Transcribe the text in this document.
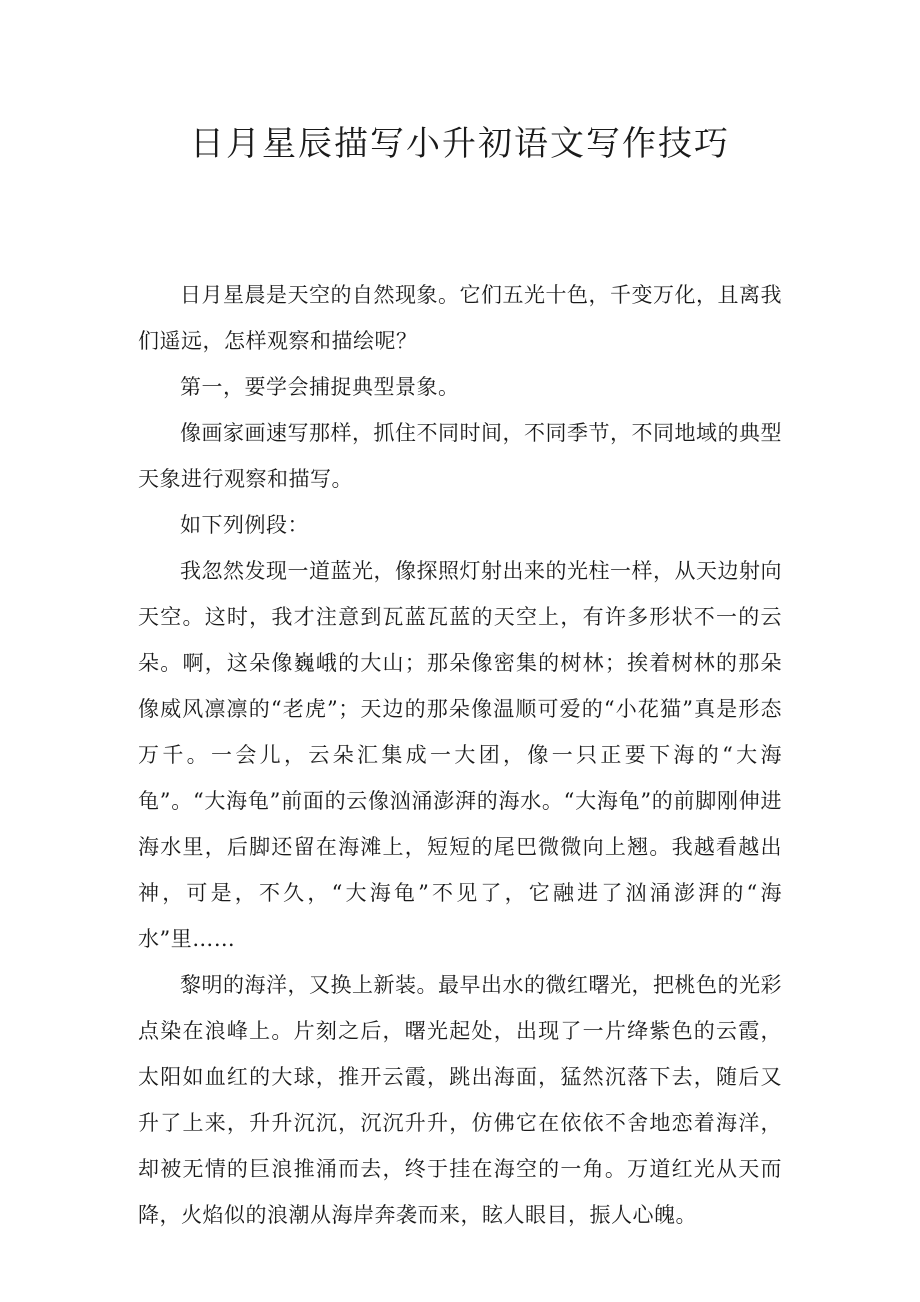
日月星辰描写小升初语文写作技巧

日月星晨是天空的自然现象。它们五光十色，千变万化，且离我们遥远，怎样观察和描绘呢？

第一，要学会捕捉典型景象。

像画家画速写那样，抓住不同时间，不同季节，不同地域的典型天象进行观察和描写。

如下列例段：

我忽然发现一道蓝光，像探照灯射出来的光柱一样，从天边射向天空。这时，我才注意到瓦蓝瓦蓝的天空上，有许多形状不一的云朵。啊，这朵像巍峨的大山；那朵像密集的树林；挨着树林的那朵像威风凛凛的“老虎”；天边的那朵像温顺可爱的“小花猫”真是形态万千。一会儿，云朵汇集成一大团，像一只正要下海的“大海龟”。“大海龟”前面的云像汹涌澎湃的海水。“大海龟”的前脚刚伸进海水里，后脚还留在海滩上，短短的尾巴微微向上翘。我越看越出神，可是，不久，“大海龟”不见了，它融进了汹涌澎湃的“海水”里……

黎明的海洋，又换上新装。最早出水的微红曙光，把桃色的光彩点染在浪峰上。片刻之后，曙光起处，出现了一片绛紫色的云霞，太阳如血红的大球，推开云霞，跳出海面，猛然沉落下去，随后又升了上来，升升沉沉，沉沉升升，仿佛它在依依不舍地恋着海洋，却被无情的巨浪推涌而去，终于挂在海空的一角。万道红光从天而降，火焰似的浪潮从海岸奔袭而来，眩人眼目，振人心魄。
